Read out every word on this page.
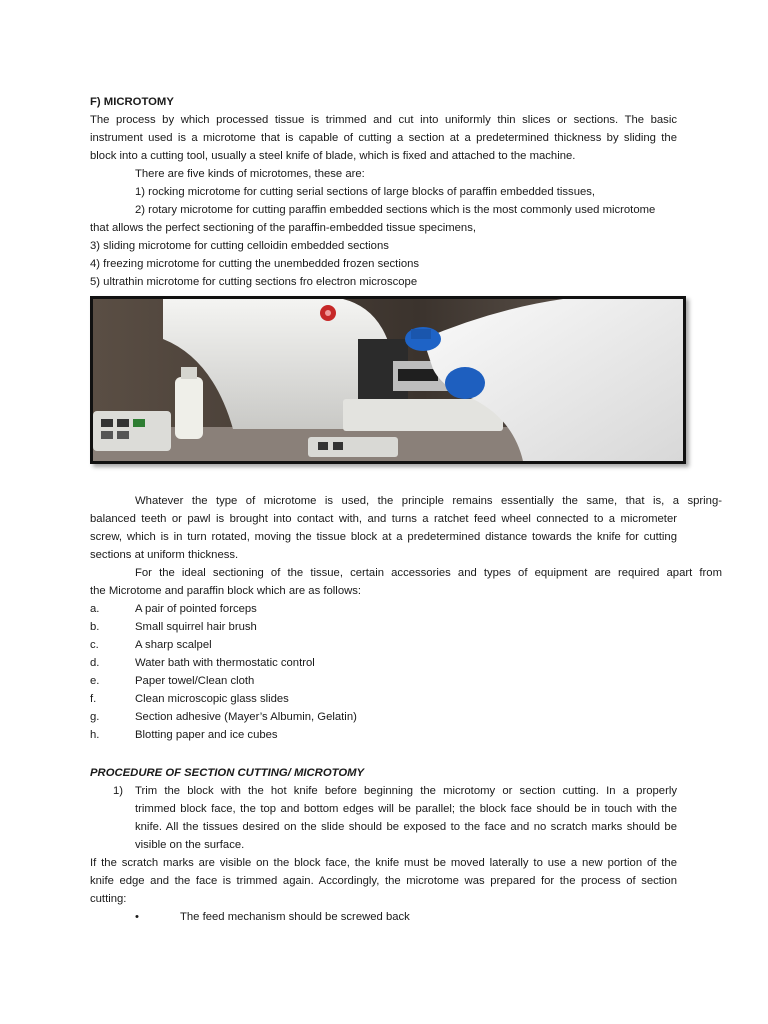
F) MICROTOMY
The process by which processed tissue is trimmed and cut into uniformly thin slices or sections. The basic
instrument used is a microtome that is capable of cutting a section at a predetermined thickness by sliding the
block into a cutting tool, usually a steel knife of blade, which is fixed and attached to the machine.
There are five kinds of microtomes, these are:
1) rocking microtome for cutting serial sections of large blocks of paraffin embedded tissues,
2) rotary microtome for cutting paraffin embedded sections which is the most commonly used microtome
that allows the perfect sectioning of the paraffin-embedded tissue specimens,
3) sliding microtome for cutting celloidin embedded sections
4) freezing microtome for cutting the unembedded frozen sections
5) ultrathin microtome for cutting sections fro electron microscope
Whatever the type of microtome is used, the principle remains essentially the same, that is, a spring-
balanced teeth or pawl is brought into contact with, and turns a ratchet feed wheel connected to a micrometer
screw, which is in turn rotated, moving the tissue block at a predetermined distance towards the knife for cutting
sections at uniform thickness.
For the ideal sectioning of the tissue, certain accessories and types of equipment are required apart from
the Microtome and paraffin block which are as follows:
a.	A pair of pointed forceps
b.	Small squirrel hair brush
c.	A sharp scalpel
d.	Water bath with thermostatic control
e.	Paper towel/Clean cloth
f.	Clean microscopic glass slides
g.	Section adhesive (Mayer’s Albumin, Gelatin)
h.	Blotting paper and ice cubes
PROCEDURE OF SECTION CUTTING/ MICROTOMY
1)	Trim the block with the hot knife before beginning the microtomy or section cutting. In a properly
trimmed block face, the top and bottom edges will be parallel; the block face should be in touch with the
knife. All the tissues desired on the slide should be exposed to the face and no scratch marks should be
visible on the surface.
If the scratch marks are visible on the block face, the knife must be moved laterally to use a new portion of the
knife edge and the face is trimmed again. Accordingly, the microtome was prepared for the process of section
cutting:
•	The feed mechanism should be screwed back
